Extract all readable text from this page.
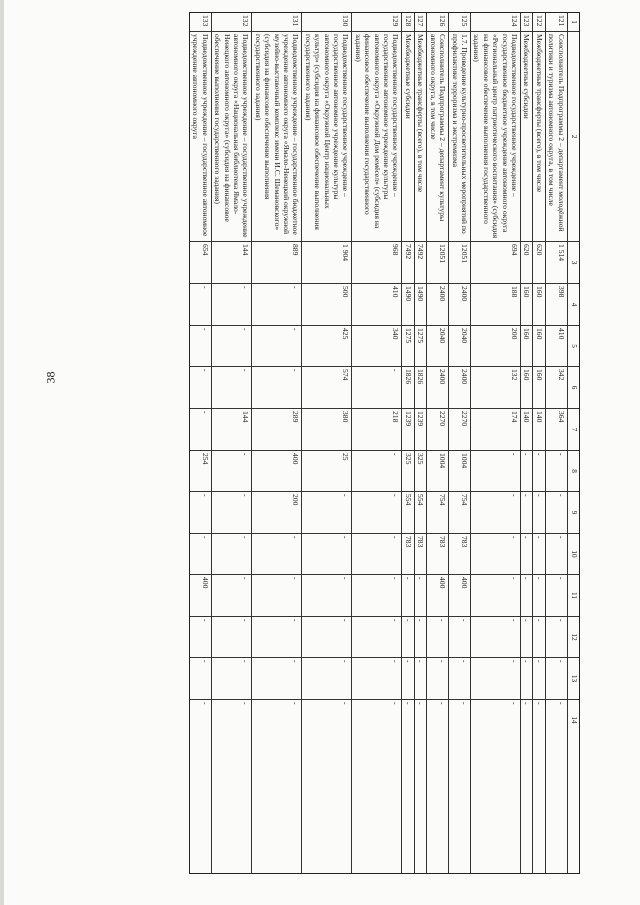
38
1
2
3
4
5
6
7
8
9
10
11
12
13
14
121
Соисполнитель Подпрограммы 2 – департамент молодёжной политики и туризма автономного округа, в том числе
1 514
398
410
342
364
-
-
-
-
-
-
-
122
Межбюджетные трансферты (всего), в том числе
620
160
160
160
140
-
-
-
-
-
-
-
123
Межбюджетные субсидии
620
160
160
160
140
-
-
-
-
-
-
-
124
Подведомственное государственное учреждение – государственное бюджетное учреждение автономного округа «Региональный центр патриотического воспитания» (субсидия на финансовое обеспечение выполнения государственного задания)
694
188
200
132
174
-
-
-
-
-
-
-
125
1.7. Проведение культурно-просветительных мероприятий по профилактике терроризма и экстремизма
12051
2400
2040
2400
2270
1004
754
783
400
-
-
-
126
Соисполнитель Подпрограммы 2 – департамент культуры автономного округа, в том числе
12051
2400
2040
2400
2270
1004
754
783
400
-
-
-
127
Межбюджетные трансферты (всего), в том числе
7492
1490
1275
1826
1239
325
554
783
-
-
-
-
128
Межбюджетные субсидии
7492
1490
1275
1826
1239
325
554
783
-
-
-
-
129
Подведомственное государственное учреждение – государственное автономное учреждение культуры автономного округа «Окружной Дом ремёсел» (субсидия на финансовое обеспечение выполнения государственного задания)
968
410
340
-
218
-
-
-
-
-
-
-
130
Подведомственное государственное учреждение – государственное автономное учреждение культуры автономного округа «Окружной Центр национальных культур» (субсидия на финансовое обеспечение выполнения государственного задания)
1 904
500
425
574
380
25
-
-
-
-
-
-
131
Подведомственное учреждение – государственное бюджетное учреждение автономного округа «Ямало-Ненецкий окружной музейно-выставочный комплекс имени И.С. Шемановского» (субсидия на финансовое обеспечение выполнения государственного задания)
889
-
-
-
289
400
200
-
-
-
-
-
132
Подведомственное учреждение – государственное учреждение автономного округа «Национальная библиотека Ямало-Ненецкого автономного округа» (субсидия на финансовое обеспечение выполнения государственного задания)
144
-
-
-
144
-
-
-
-
-
-
-
133
Подведомственное учреждение – государственное автономное учреждение автономного округа
654
-
-
-
-
254
-
-
400
-
-
-
